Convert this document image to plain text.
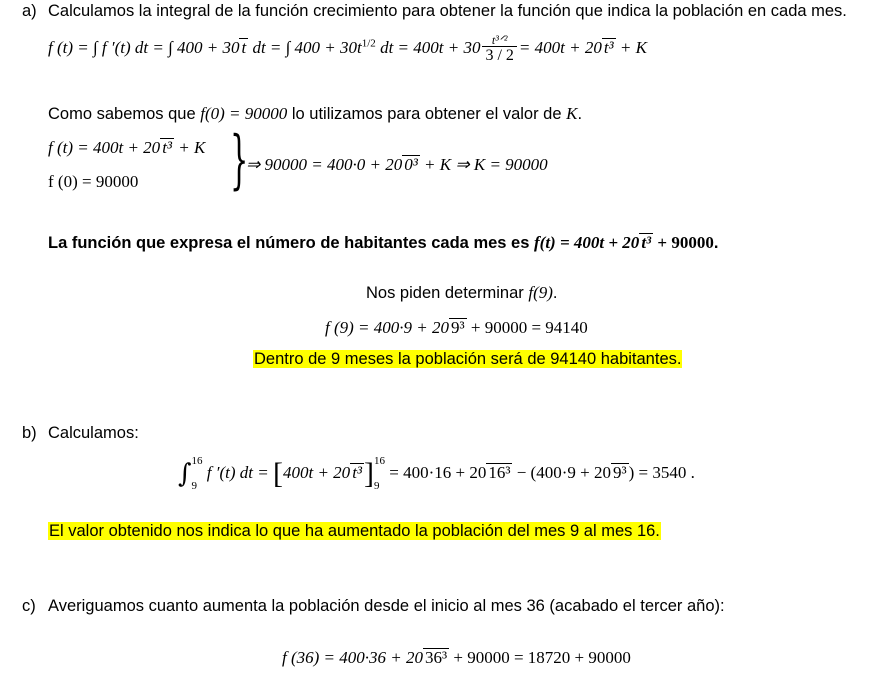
a) Calculamos la integral de la función crecimiento para obtener la función que indica la población en cada mes.
f (t) = ∫ f ′(t) dt = ∫ 400 + 30 t dt = ∫ $400 + 30t^{1/2}$ dt = $400t + 30 \frac{\text{t³ᐟ²}}{3 / 2} = 400t + 20$ t³ + K
Como sabemos que f(0) = 90000 lo utilizamos para obtener el valor de K.
f (t) = 400t + 20 t³ + K
f (0) = 90000 }
⇒ 90000 = 400·0 + 20 0³ + K ⇒ K = 90000
La función que expresa el número de habitantes cada mes es f(t) = 400t + 20 t³ + 90000.
Nos piden determinar f(9).
f (9) = 400·9 + 20 9³ + 90000 = 94140
Dentro de 9 meses la población será de 94140 habitantes.
b) Calculamos:
∫ 16
9
f ′(t) dt = [400t + 20 t³] 16
9
= 400·16 + 20 16³ − (400·9 + 20 9³ ) = 3540 .
El valor obtenido nos indica lo que ha aumentado la población del mes 9 al mes 16.
c) Averiguamos cuanto aumenta la población desde el inicio al mes 36 (acabado el tercer año):
f (36) = 400·36 + 20 36³ + 90000 = 18720 + 90000
